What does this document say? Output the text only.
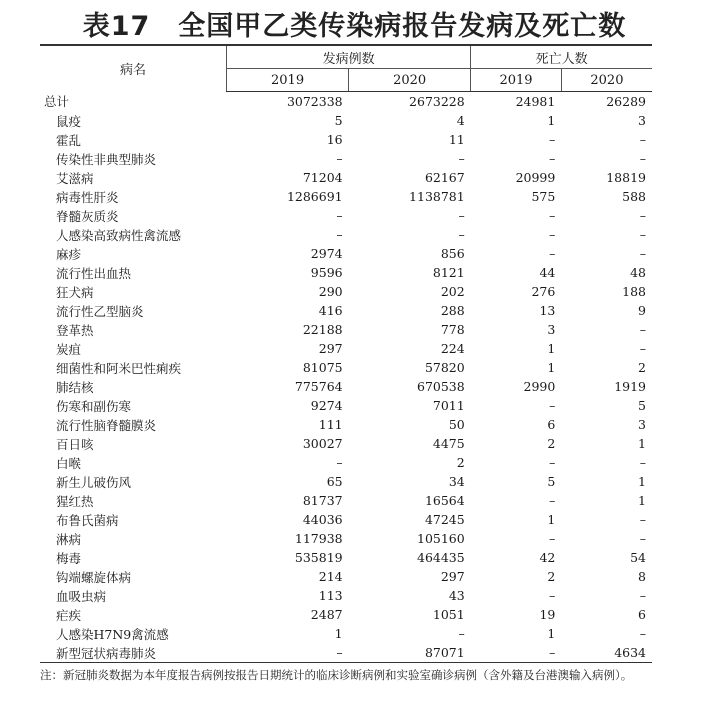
表17　全国甲乙类传染病报告发病及死亡数
病名	发病例数		死亡人数	
	2019	2020	2019	2020
总计	3072338	2673228	24981	26289
鼠疫	5	4	1	3
霍乱	16	11	–	–
传染性非典型肺炎	–	–	–	–
艾滋病	71204	62167	20999	18819
病毒性肝炎	1286691	1138781	575	588
脊髓灰质炎	–	–	–	–
人感染高致病性禽流感	–	–	–	–
麻疹	2974	856	–	–
流行性出血热	9596	8121	44	48
狂犬病	290	202	276	188
流行性乙型脑炎	416	288	13	9
登革热	22188	778	3	–
炭疽	297	224	1	–
细菌性和阿米巴性痢疾	81075	57820	1	2
肺结核	775764	670538	2990	1919
伤寒和副伤寒	9274	7011	–	5
流行性脑脊髓膜炎	111	50	6	3
百日咳	30027	4475	2	1
白喉	–	2	–	–
新生儿破伤风	65	34	5	1
猩红热	81737	16564	–	1
布鲁氏菌病	44036	47245	1	–
淋病	117938	105160	–	–
梅毒	535819	464435	42	54
钩端螺旋体病	214	297	2	8
血吸虫病	113	43	–	–
疟疾	2487	1051	19	6
人感染H7N9禽流感	1	–	1	–
新型冠状病毒肺炎	–	87071	–	4634
注：新冠肺炎数据为本年度报告病例按报告日期统计的临床诊断病例和实验室确诊病例（含外籍及台港澳输入病例）。
